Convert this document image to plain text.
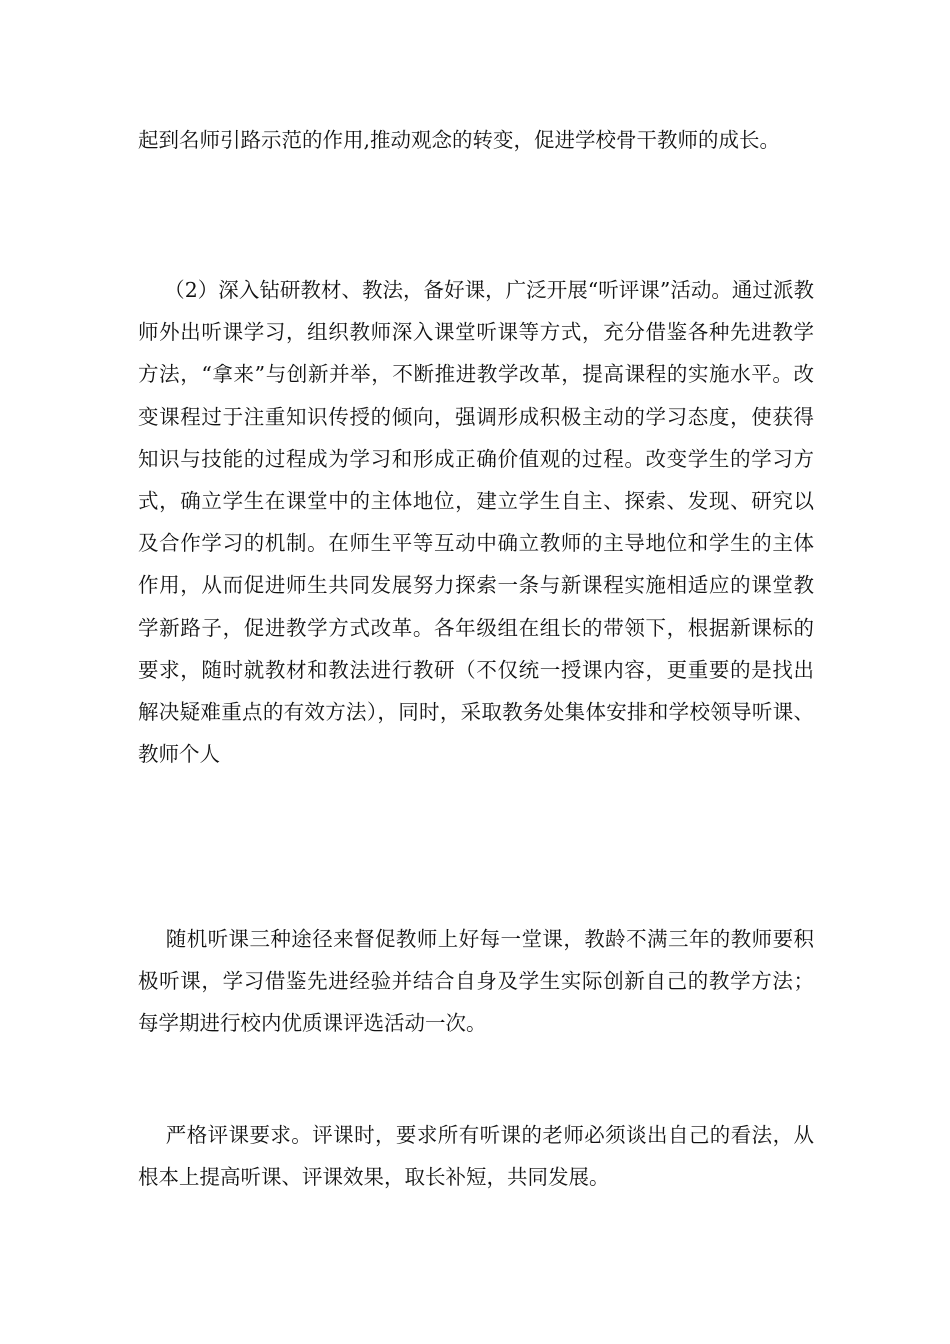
起到名师引路示范的作用,推动观念的转变，促进学校骨干教师的成长。

（2）深入钻研教材、教法，备好课，广泛开展“听评课”活动。通过派教师外出听课学习，组织教师深入课堂听课等方式，充分借鉴各种先进教学方法，“拿来”与创新并举，不断推进教学改革，提高课程的实施水平。改变课程过于注重知识传授的倾向，强调形成积极主动的学习态度，使获得知识与技能的过程成为学习和形成正确价值观的过程。改变学生的学习方式，确立学生在课堂中的主体地位，建立学生自主、探索、发现、研究以及合作学习的机制。在师生平等互动中确立教师的主导地位和学生的主体作用，从而促进师生共同发展努力探索一条与新课程实施相适应的课堂教学新路子，促进教学方式改革。各年级组在组长的带领下，根据新课标的要求，随时就教材和教法进行教研（不仅统一授课内容，更重要的是找出解决疑难重点的有效方法），同时，采取教务处集体安排和学校领导听课、教师个人

随机听课三种途径来督促教师上好每一堂课，教龄不满三年的教师要积极听课，学习借鉴先进经验并结合自身及学生实际创新自己的教学方法；每学期进行校内优质课评选活动一次。

严格评课要求。评课时，要求所有听课的老师必须谈出自己的看法，从根本上提高听课、评课效果，取长补短，共同发展。
